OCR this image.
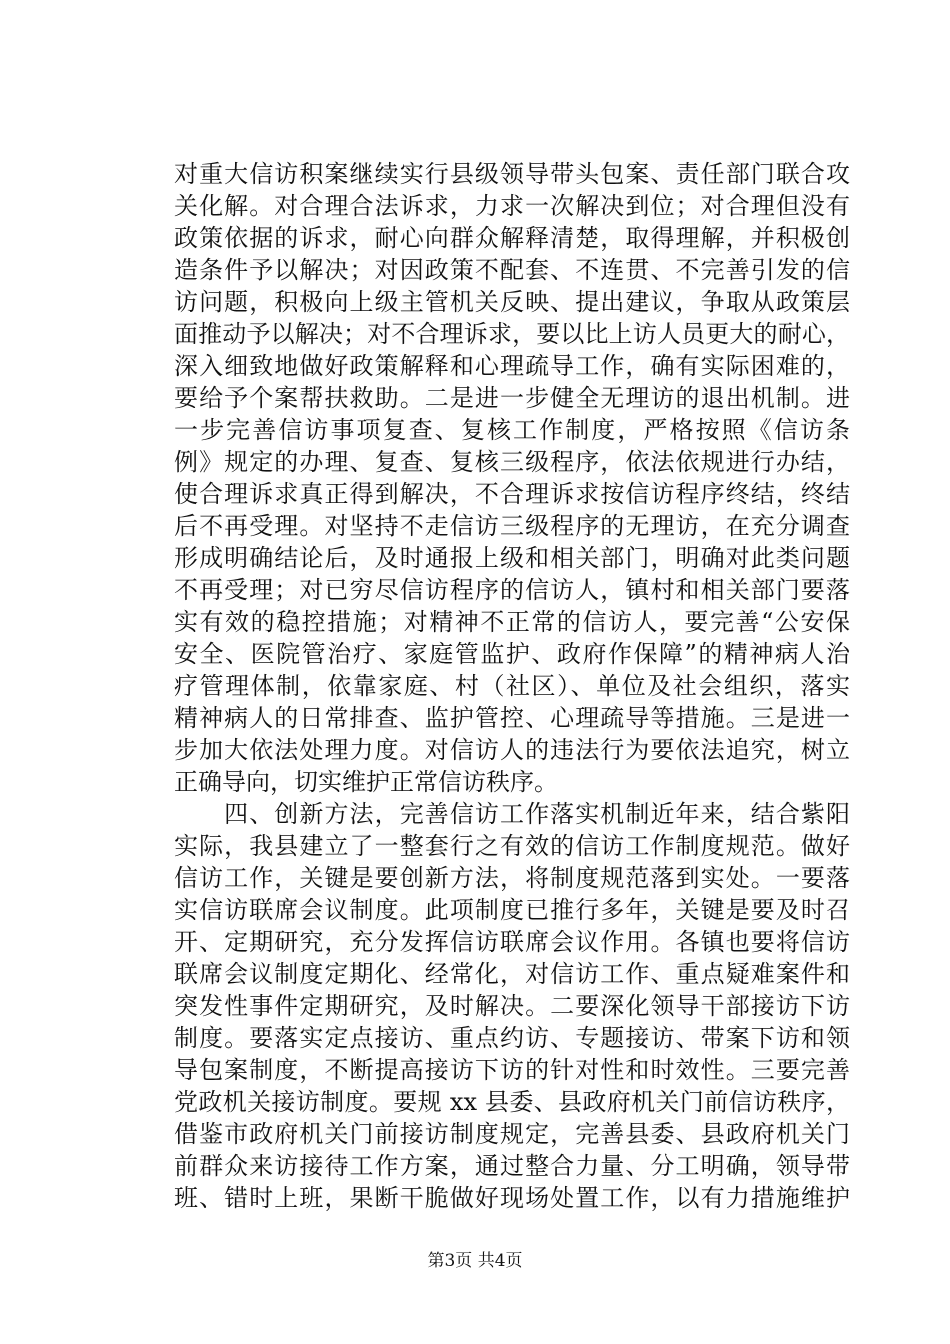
对重大信访积案继续实行县级领导带头包案、责任部门联合攻
关化解。对合理合法诉求，力求一次解决到位；对合理但没有
政策依据的诉求，耐心向群众解释清楚，取得理解，并积极创
造条件予以解决；对因政策不配套、不连贯、不完善引发的信
访问题，积极向上级主管机关反映、提出建议，争取从政策层
面推动予以解决；对不合理诉求，要以比上访人员更大的耐心，
深入细致地做好政策解释和心理疏导工作，确有实际困难的，
要给予个案帮扶救助。二是进一步健全无理访的退出机制。进
一步完善信访事项复查、复核工作制度，严格按照《信访条
例》规定的办理、复查、复核三级程序，依法依规进行办结，
使合理诉求真正得到解决，不合理诉求按信访程序终结，终结
后不再受理。对坚持不走信访三级程序的无理访，在充分调查
形成明确结论后，及时通报上级和相关部门，明确对此类问题
不再受理；对已穷尽信访程序的信访人，镇村和相关部门要落
实有效的稳控措施；对精神不正常的信访人，要完善“公安保
安全、医院管治疗、家庭管监护、政府作保障”的精神病人治
疗管理体制，依靠家庭、村（社区）、单位及社会组织，落实
精神病人的日常排查、监护管控、心理疏导等措施。三是进一
步加大依法处理力度。对信访人的违法行为要依法追究，树立
正确导向，切实维护正常信访秩序。
　　四、创新方法，完善信访工作落实机制近年来，结合紫阳
实际，我县建立了一整套行之有效的信访工作制度规范。做好
信访工作，关键是要创新方法，将制度规范落到实处。一要落
实信访联席会议制度。此项制度已推行多年，关键是要及时召
开、定期研究，充分发挥信访联席会议作用。各镇也要将信访
联席会议制度定期化、经常化，对信访工作、重点疑难案件和
突发性事件定期研究，及时解决。二要深化领导干部接访下访
制度。要落实定点接访、重点约访、专题接访、带案下访和领
导包案制度，不断提高接访下访的针对性和时效性。三要完善
党政机关接访制度。要规 xx 县委、县政府机关门前信访秩序，
借鉴市政府机关门前接访制度规定，完善县委、县政府机关门
前群众来访接待工作方案，通过整合力量、分工明确，领导带
班、错时上班，果断干脆做好现场处置工作，以有力措施维护
第3页 共4页
